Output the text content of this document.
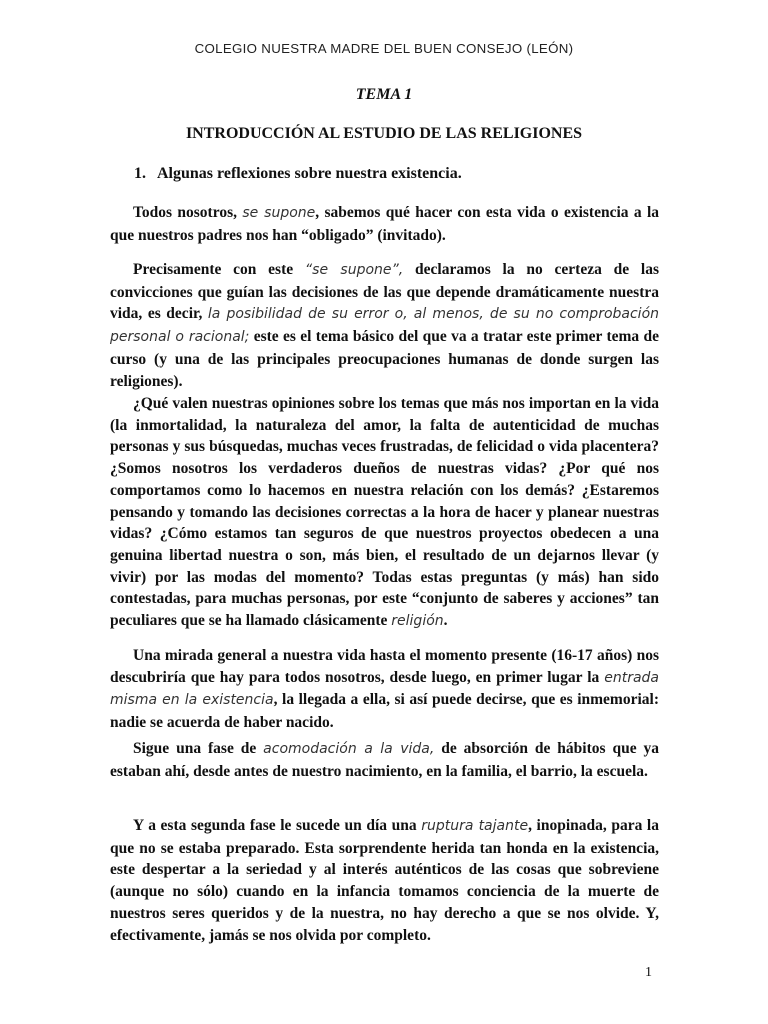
COLEGIO NUESTRA MADRE DEL BUEN CONSEJO (LEÓN)
TEMA 1
INTRODUCCIÓN AL ESTUDIO DE LAS RELIGIONES
1. Algunas reflexiones sobre nuestra existencia.

Todos nosotros, se supone, sabemos qué hacer con esta vida o existencia a la que nuestros padres nos han “obligado” (invitado).

Precisamente con este “se supone”, declaramos la no certeza de las convicciones que guían las decisiones de las que depende dramáticamente nuestra vida, es decir, la posibilidad de su error o, al menos, de su no comprobación personal o racional; este es el tema básico del que va a tratar este primer tema de curso (y una de las principales preocupaciones humanas de donde surgen las religiones).

¿Qué valen nuestras opiniones sobre los temas que más nos importan en la vida (la inmortalidad, la naturaleza del amor, la falta de autenticidad de muchas personas y sus búsquedas, muchas veces frustradas, de felicidad o vida placentera? ¿Somos nosotros los verdaderos dueños de nuestras vidas? ¿Por qué nos comportamos como lo hacemos en nuestra relación con los demás? ¿Estaremos pensando y tomando las decisiones correctas a la hora de hacer y planear nuestras vidas? ¿Cómo estamos tan seguros de que nuestros proyectos obedecen a una genuina libertad nuestra o son, más bien, el resultado de un dejarnos llevar (y vivir) por las modas del momento? Todas estas preguntas (y más) han sido contestadas, para muchas personas, por este “conjunto de saberes y acciones” tan peculiares que se ha llamado clásicamente religión.

Una mirada general a nuestra vida hasta el momento presente (16-17 años) nos descubriría que hay para todos nosotros, desde luego, en primer lugar la entrada misma en la existencia, la llegada a ella, si así puede decirse, que es inmemorial: nadie se acuerda de haber nacido.

Sigue una fase de acomodación a la vida, de absorción de hábitos que ya estaban ahí, desde antes de nuestro nacimiento, en la familia, el barrio, la escuela.

Y a esta segunda fase le sucede un día una ruptura tajante, inopinada, para la que no se estaba preparado. Esta sorprendente herida tan honda en la existencia, este despertar a la seriedad y al interés auténticos de las cosas que sobreviene (aunque no sólo) cuando en la infancia tomamos conciencia de la muerte de nuestros seres queridos y de la nuestra, no hay derecho a que se nos olvide. Y, efectivamente, jamás se nos olvida por completo.

1
